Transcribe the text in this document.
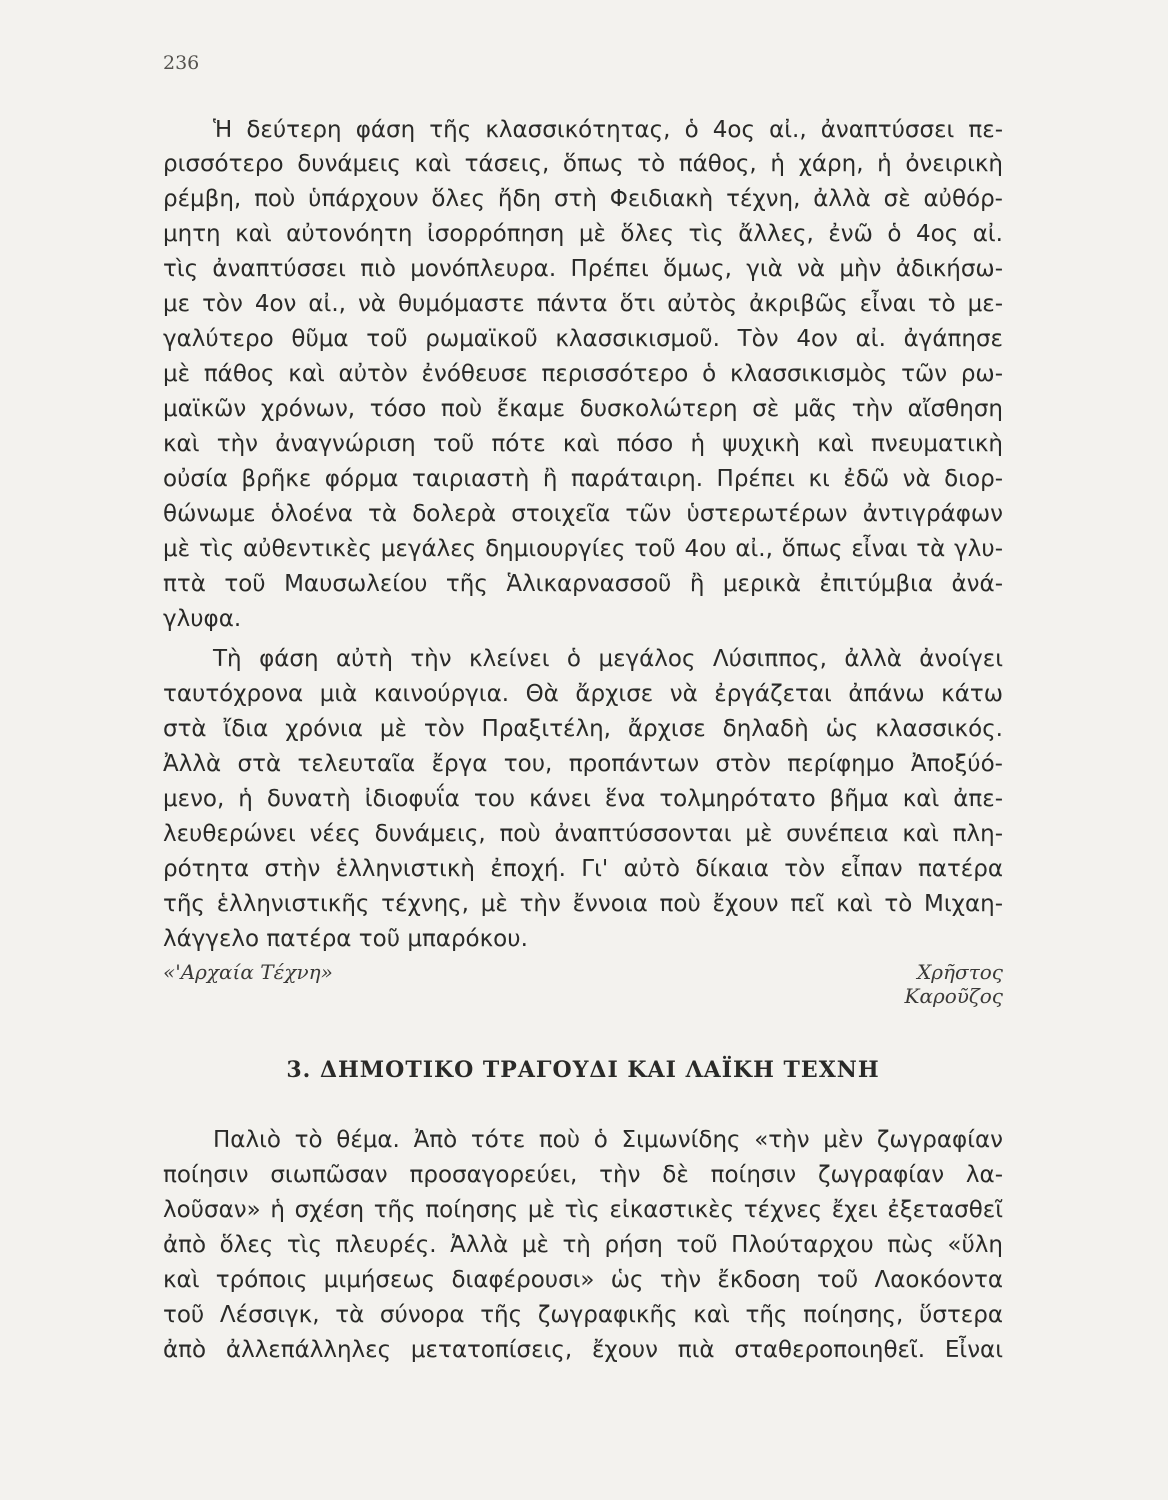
236
Ἡ δεύτερη φάση τῆς κλασσικότητας, ὁ 4ος αἰ., ἀναπτύσσει πε-
ρισσότερο δυνάμεις καὶ τάσεις, ὅπως τὸ πάθος, ἡ χάρη, ἡ ὀνειρικὴ
ρέμβη, ποὺ ὑπάρχουν ὅλες ἤδη στὴ Φειδιακὴ τέχνη, ἀλλὰ σὲ αὐθόρ-
μητη καὶ αὐτονόητη ἰσορρόπηση μὲ ὅλες τὶς ἄλλες, ἐνῶ ὁ 4ος αἰ.
τὶς ἀναπτύσσει πιὸ μονόπλευρα. Πρέπει ὅμως, γιὰ νὰ μὴν ἀδικήσω-
με τὸν 4ον αἰ., νὰ θυμόμαστε πάντα ὅτι αὐτὸς ἀκριβῶς εἶναι τὸ με-
γαλύτερο θῦμα τοῦ ρωμαϊκοῦ κλασσικισμοῦ. Τὸν 4ον αἰ. ἀγάπησε
μὲ πάθος καὶ αὐτὸν ἐνόθευσε περισσότερο ὁ κλασσικισμὸς τῶν ρω-
μαϊκῶν χρόνων, τόσο ποὺ ἔκαμε δυσκολώτερη σὲ μᾶς τὴν αἴσθηση
καὶ τὴν ἀναγνώριση τοῦ πότε καὶ πόσο ἡ ψυχικὴ καὶ πνευματικὴ
οὐσία βρῆκε φόρμα ταιριαστὴ ἢ παράταιρη. Πρέπει κι ἐδῶ νὰ διορ-
θώνωμε ὁλοένα τὰ δολερὰ στοιχεῖα τῶν ὑστερωτέρων ἀντιγράφων
μὲ τὶς αὐθεντικὲς μεγάλες δημιουργίες τοῦ 4ου αἰ., ὅπως εἶναι τὰ γλυ-
πτὰ τοῦ Μαυσωλείου τῆς Ἁλικαρνασσοῦ ἢ μερικὰ ἐπιτύμβια ἀνά-
γλυφα.
Τὴ φάση αὐτὴ τὴν κλείνει ὁ μεγάλος Λύσιππος, ἀλλὰ ἀνοίγει
ταυτόχρονα μιὰ καινούργια. Θὰ ἄρχισε νὰ ἐργάζεται ἀπάνω κάτω
στὰ ἴδια χρόνια μὲ τὸν Πραξιτέλη, ἄρχισε δηλαδὴ ὡς κλασσικός.
Ἀλλὰ στὰ τελευταῖα ἔργα του, προπάντων στὸν περίφημο Ἀποξύό-
μενο, ἡ δυνατὴ ἰδιοφυΐα του κάνει ἕνα τολμηρότατο βῆμα καὶ ἀπε-
λευθερώνει νέες δυνάμεις, ποὺ ἀναπτύσσονται μὲ συνέπεια καὶ πλη-
ρότητα στὴν ἑλληνιστικὴ ἐποχή. Γι' αὐτὸ δίκαια τὸν εἶπαν πατέρα
τῆς ἑλληνιστικῆς τέχνης, μὲ τὴν ἔννοια ποὺ ἔχουν πεῖ καὶ τὸ Μιχαη-
λάγγελο πατέρα τοῦ μπαρόκου.
«'Αρχαία Τέχνη»	Χρῆστος Καροῦζος
3. ΔΗΜΟΤΙΚΟ ΤΡΑΓΟΥΔΙ ΚΑΙ ΛΑΪΚΗ ΤΕΧΝΗ
Παλιὸ τὸ θέμα. Ἀπὸ τότε ποὺ ὁ Σιμωνίδης «τὴν μὲν ζωγραφίαν
ποίησιν σιωπῶσαν προσαγορεύει, τὴν δὲ ποίησιν ζωγραφίαν λα-
λοῦσαν» ἡ σχέση τῆς ποίησης μὲ τὶς εἰκαστικὲς τέχνες ἔχει ἐξετασθεῖ
ἀπὸ ὅλες τὶς πλευρές. Ἀλλὰ μὲ τὴ ρήση τοῦ Πλούταρχου πὼς «ὕλη
καὶ τρόποις μιμήσεως διαφέρουσι» ὡς τὴν ἔκδοση τοῦ Λαοκόοντα
τοῦ Λέσσιγκ, τὰ σύνορα τῆς ζωγραφικῆς καὶ τῆς ποίησης, ὕστερα
ἀπὸ ἀλλεπάλληλες μετατοπίσεις, ἔχουν πιὰ σταθεροποιηθεῖ. Εἶναι
